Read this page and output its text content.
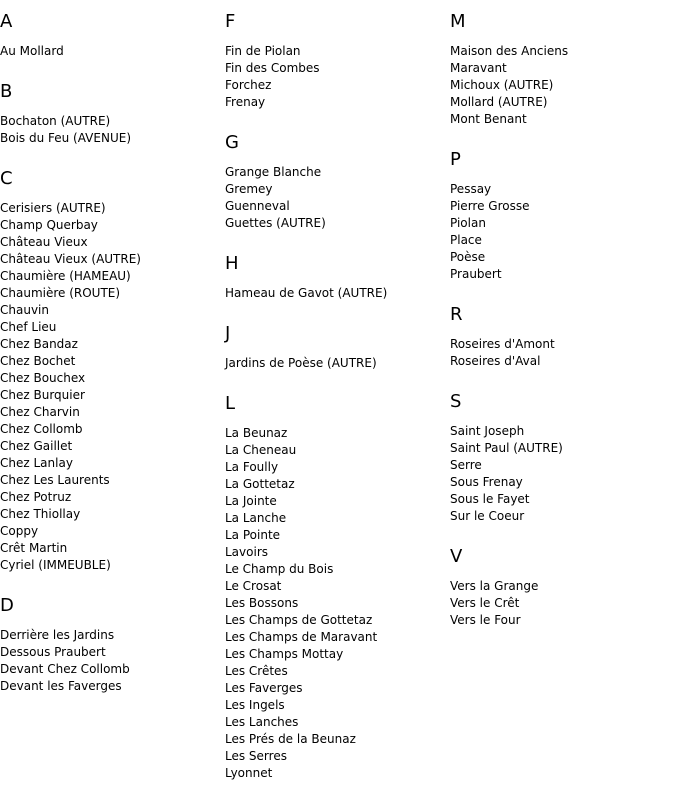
A
Au Mollard
B
Bochaton (AUTRE)
Bois du Feu (AVENUE)
C
Cerisiers (AUTRE)
Champ Querbay
Château Vieux
Château Vieux (AUTRE)
Chaumière (HAMEAU)
Chaumière (ROUTE)
Chauvin
Chef Lieu
Chez Bandaz
Chez Bochet
Chez Bouchex
Chez Burquier
Chez Charvin
Chez Collomb
Chez Gaillet
Chez Lanlay
Chez Les Laurents
Chez Potruz
Chez Thiollay
Coppy
Crêt Martin
Cyriel (IMMEUBLE)
D
Derrière les Jardins
Dessous Praubert
Devant Chez Collomb
Devant les Faverges
F
Fin de Piolan
Fin des Combes
Forchez
Frenay
G
Grange Blanche
Gremey
Guenneval
Guettes (AUTRE)
H
Hameau de Gavot (AUTRE)
J
Jardins de Poèse (AUTRE)
L
La Beunaz
La Cheneau
La Foully
La Gottetaz
La Jointe
La Lanche
La Pointe
Lavoirs
Le Champ du Bois
Le Crosat
Les Bossons
Les Champs de Gottetaz
Les Champs de Maravant
Les Champs Mottay
Les Crêtes
Les Faverges
Les Ingels
Les Lanches
Les Prés de la Beunaz
Les Serres
Lyonnet
M
Maison des Anciens
Maravant
Michoux (AUTRE)
Mollard (AUTRE)
Mont Benant
P
Pessay
Pierre Grosse
Piolan
Place
Poèse
Praubert
R
Roseires d'Amont
Roseires d'Aval
S
Saint Joseph
Saint Paul (AUTRE)
Serre
Sous Frenay
Sous le Fayet
Sur le Coeur
V
Vers la Grange
Vers le Crêt
Vers le Four
